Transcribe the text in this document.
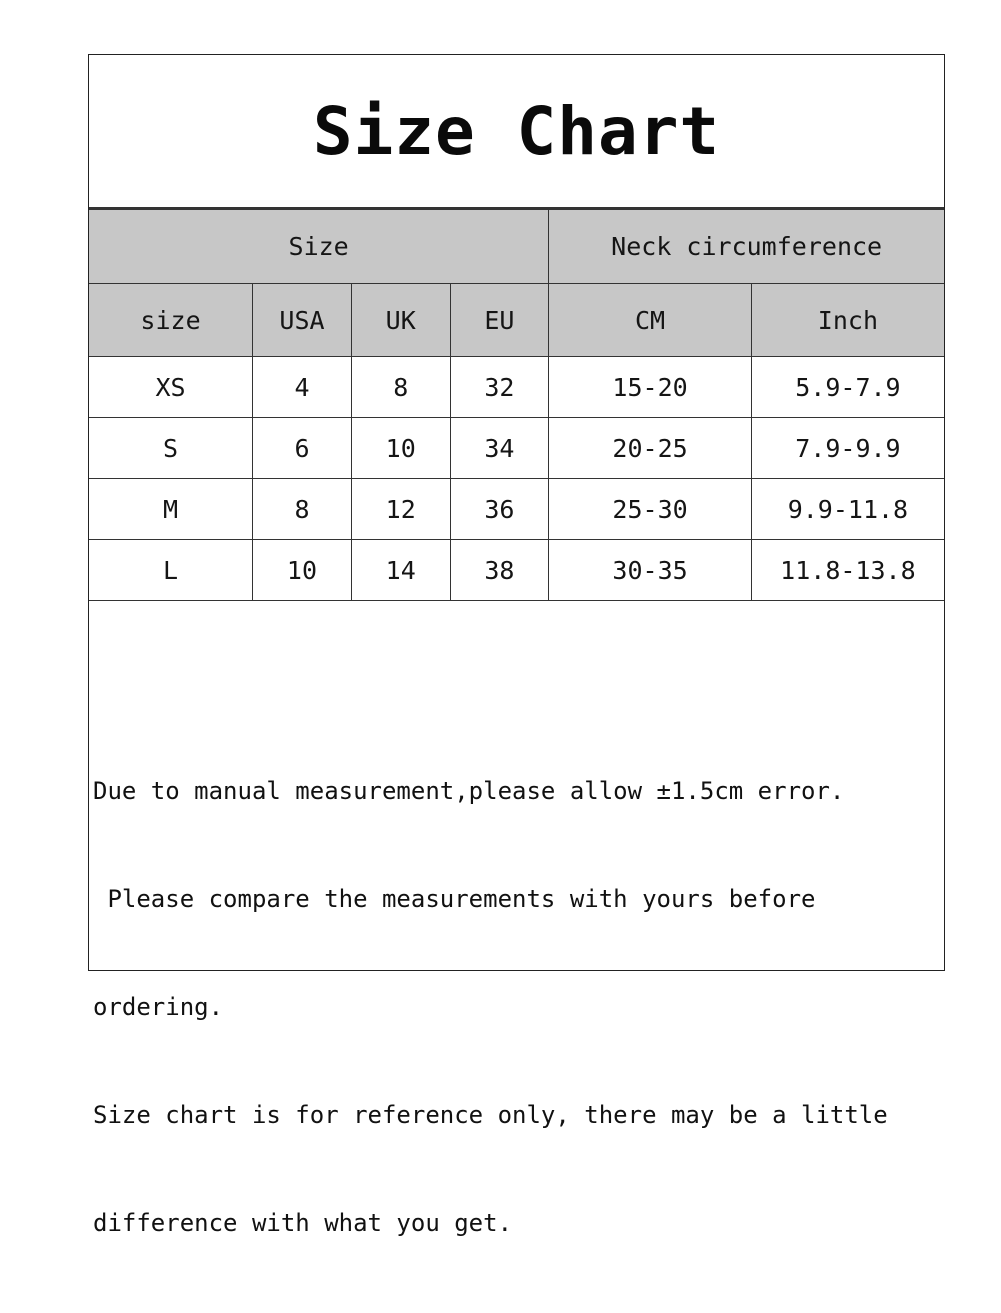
Size Chart
Size				Neck circumference	
size	USA	UK	EU	CM	Inch
XS	4	8	32	15-20	5.9-7.9
S	6	10	34	20-25	7.9-9.9
M	8	12	36	25-30	9.9-11.8
L	10	14	38	30-35	11.8-13.8

Due to manual measurement,please allow ±1.5cm error.

Please compare the measurements with yours before

ordering.

Size chart is for reference only, there may be a little

difference with what you get.
